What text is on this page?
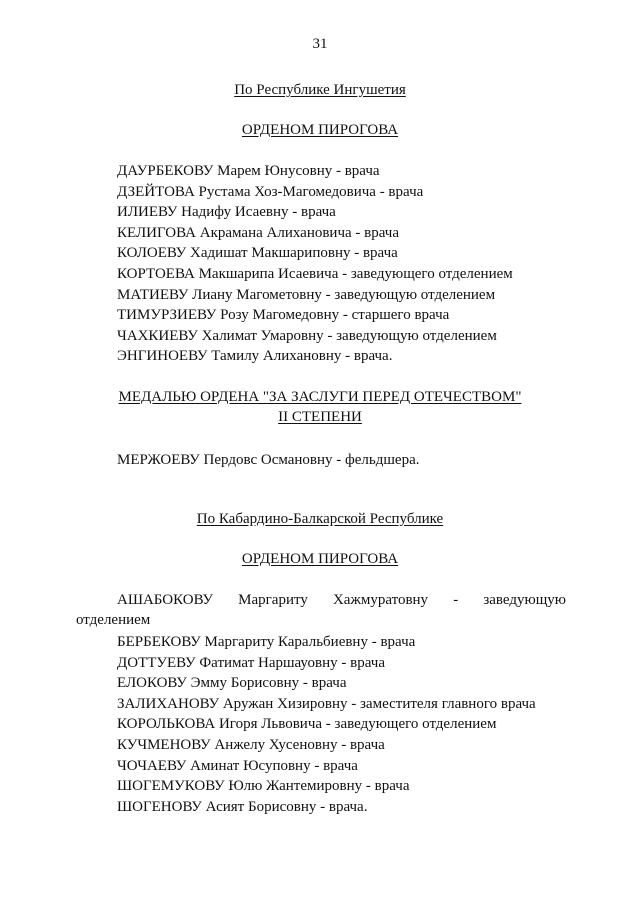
31
По Республике Ингушетия
ОРДЕНОМ ПИРОГОВА
ДАУРБЕКОВУ Марем Юнусовну - врача
ДЗЕЙТОВА Рустама Хоз-Магомедовича - врача
ИЛИЕВУ Надифу Исаевну - врача
КЕЛИГОВА Акрамана Алихановича - врача
КОЛОЕВУ Хадишат Макшариповну - врача
КОРТОЕВА Макшарипа Исаевича - заведующего отделением
МАТИЕВУ Лиану Магометовну - заведующую отделением
ТИМУРЗИЕВУ Розу Магомедовну - старшего врача
ЧАХКИЕВУ Халимат Умаровну - заведующую отделением
ЭНГИНОЕВУ Тамилу Алихановну - врача.
МЕДАЛЬЮ ОРДЕНА "ЗА ЗАСЛУГИ ПЕРЕД ОТЕЧЕСТВОМ"
II СТЕПЕНИ
МЕРЖОЕВУ Пердовс Османовну - фельдшера.
По Кабардино-Балкарской Республике
ОРДЕНОМ ПИРОГОВА
АШАБОКОВУ Маргариту Хажмуратовну - заведующую
отделением
БЕРБЕКОВУ Маргариту Каральбиевну - врача
ДОТТУЕВУ Фатимат Наршауовну - врача
ЕЛОКОВУ Эмму Борисовну - врача
ЗАЛИХАНОВУ Аружан Хизировну - заместителя главного врача
КОРОЛЬКОВА Игоря Львовича - заведующего отделением
КУЧМЕНОВУ Анжелу Хусеновну - врача
ЧОЧАЕВУ Аминат Юсуповну - врача
ШОГЕМУКОВУ Юлю Жантемировну - врача
ШОГЕНОВУ Асият Борисовну - врача.
